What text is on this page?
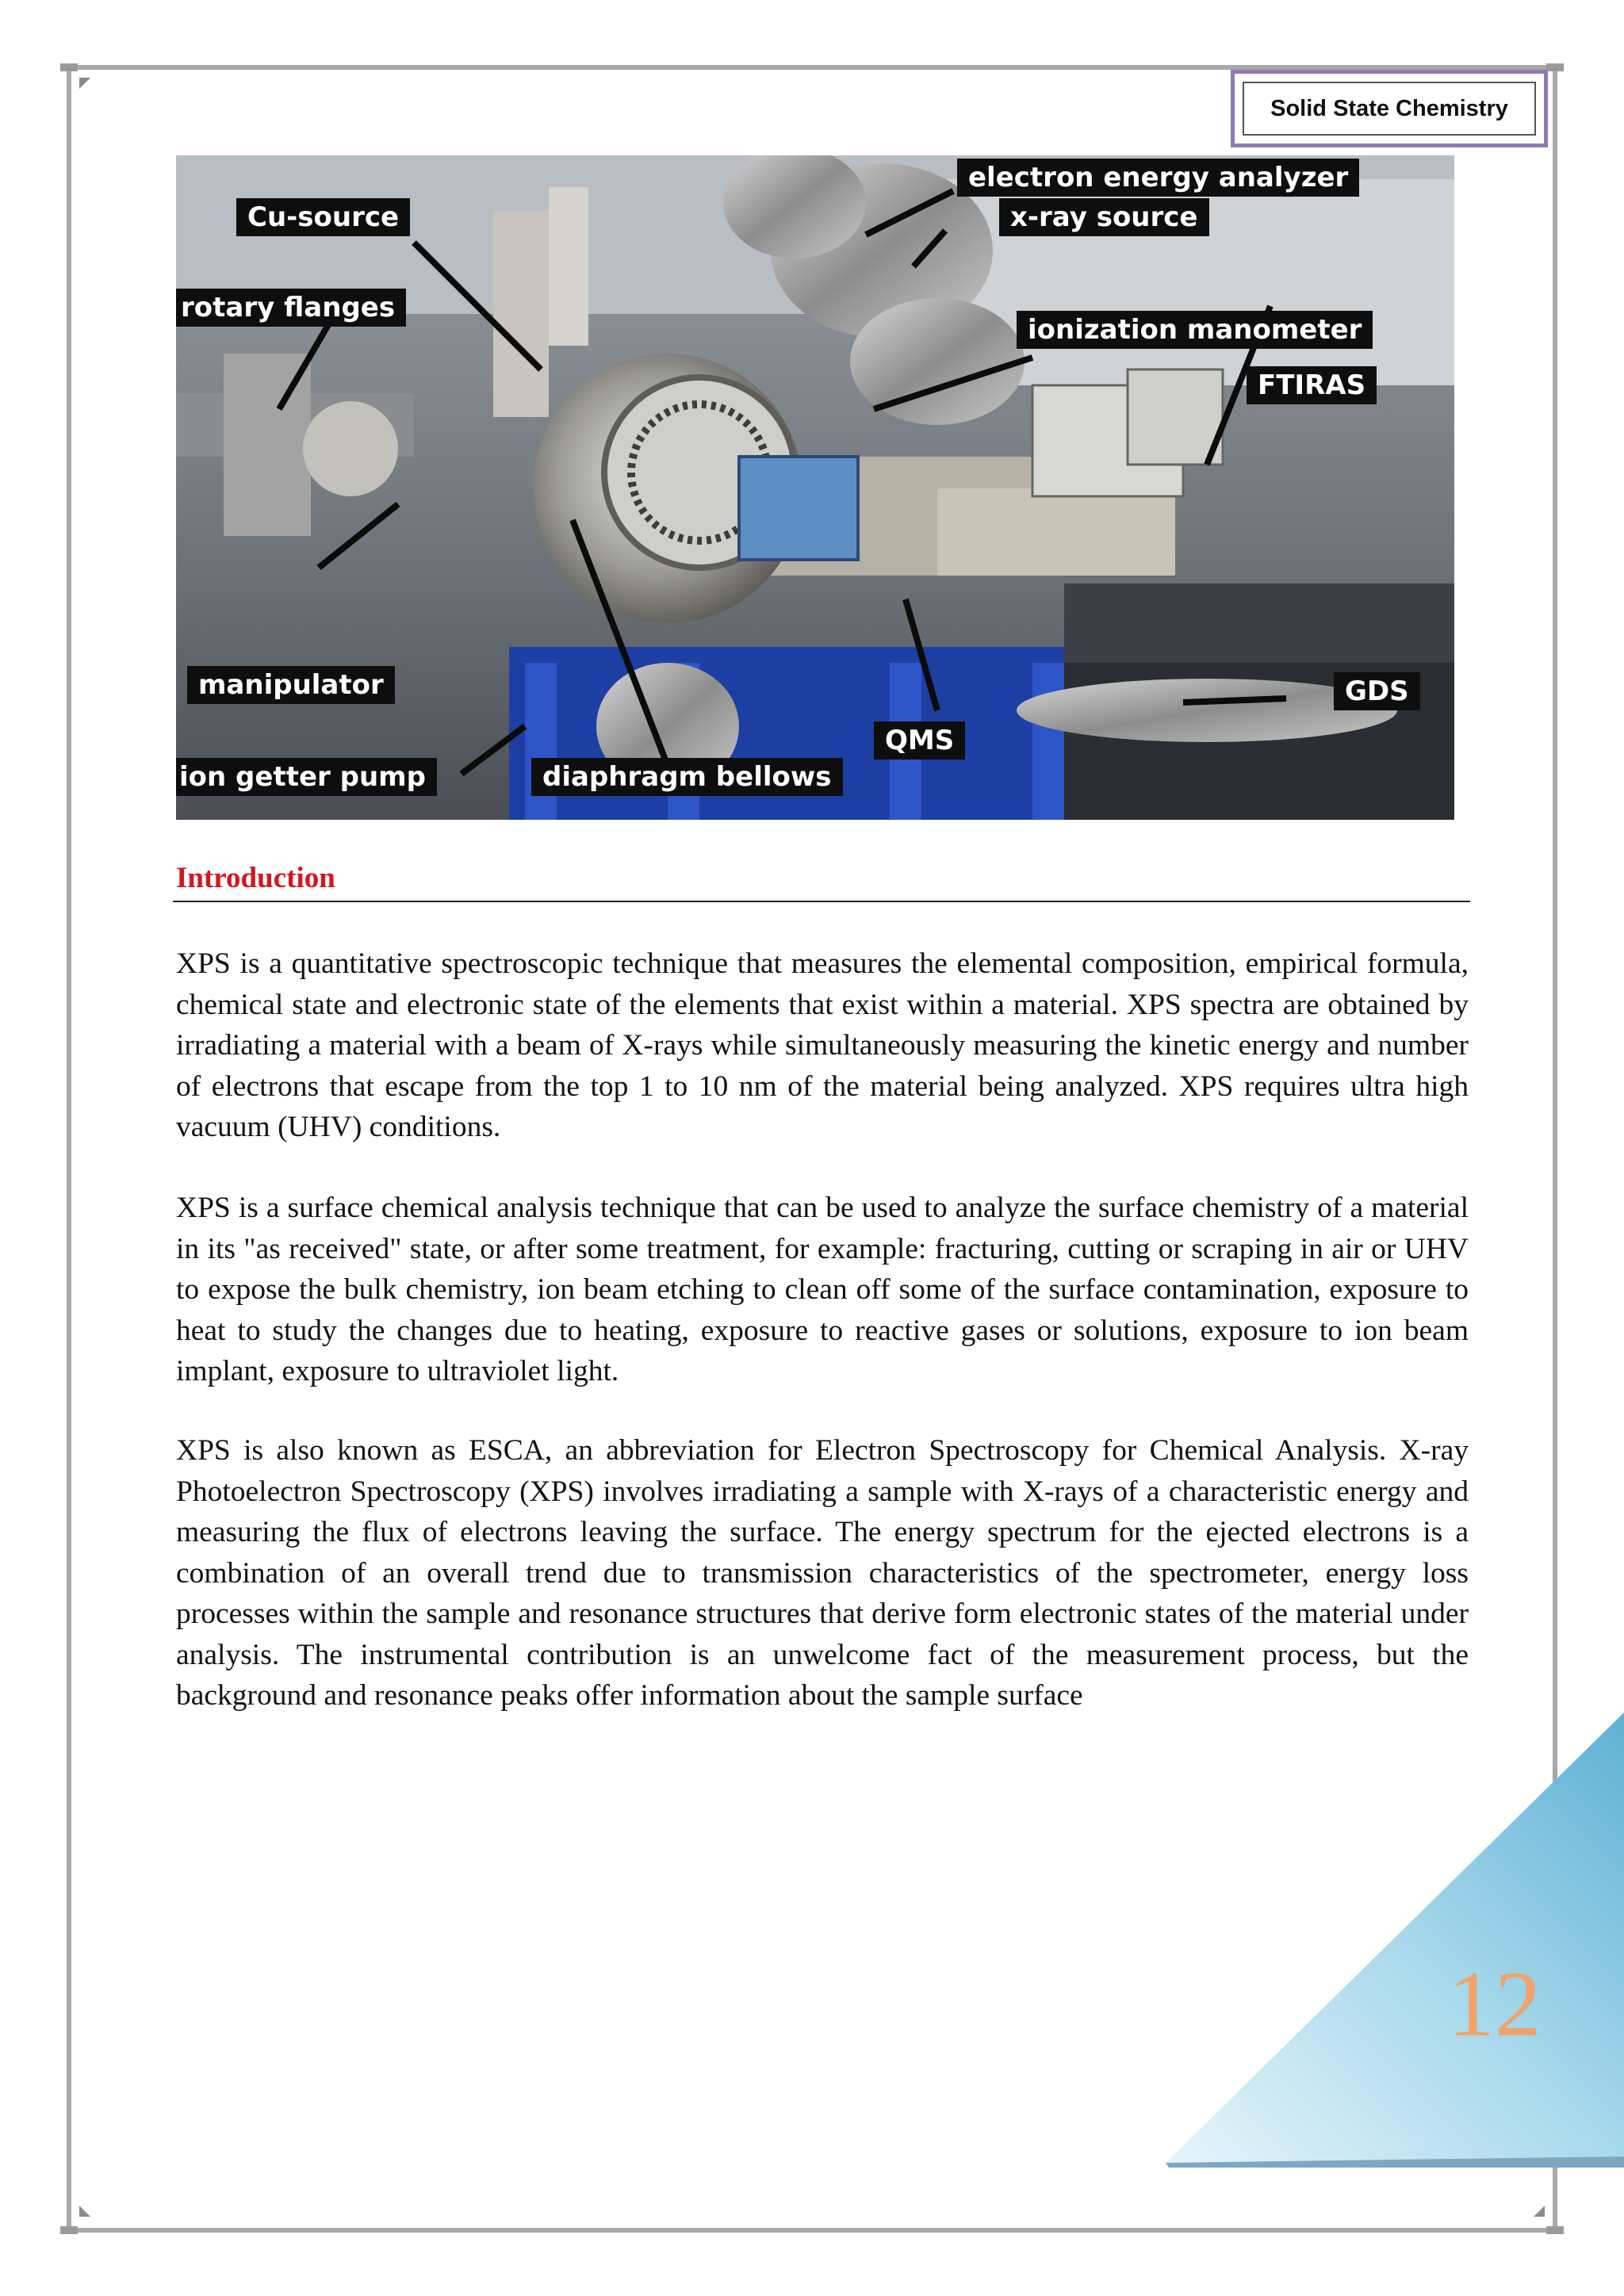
Solid State Chemistry
electron energy analyzer
x-ray source
Cu-source
rotary flanges
ionization manometer
FTIRAS
manipulator	GDS
QMS
ion getter pump	diaphragm bellows
Introduction

XPS is a quantitative spectroscopic technique that measures the elemental composition, empirical formula, chemical state and electronic state of the elements that exist within a material. XPS spectra are obtained by irradiating a material with a beam of X-rays while simultaneously measuring the kinetic energy and number of electrons that escape from the top 1 to 10 nm of the material being analyzed. XPS requires ultra high vacuum (UHV) conditions.

XPS is a surface chemical analysis technique that can be used to analyze the surface chemistry of a material in its "as received" state, or after some treatment, for example: fracturing, cutting or scraping in air or UHV to expose the bulk chemistry, ion beam etching to clean off some of the surface contamination, exposure to heat to study the changes due to heating, exposure to reactive gases or solutions, exposure to ion beam implant, exposure to ultraviolet light.

XPS is also known as ESCA, an abbreviation for Electron Spectroscopy for Chemical Analysis. X-ray Photoelectron Spectroscopy (XPS) involves irradiating a sample with X-rays of a characteristic energy and measuring the flux of electrons leaving the surface. The energy spectrum for the ejected electrons is a combination of an overall trend due to transmission characteristics of the spectrometer, energy loss processes within the sample and resonance structures that derive form electronic states of the material under analysis. The instrumental contribution is an unwelcome fact of the measurement process, but the background and resonance peaks offer information about the sample surface

12
